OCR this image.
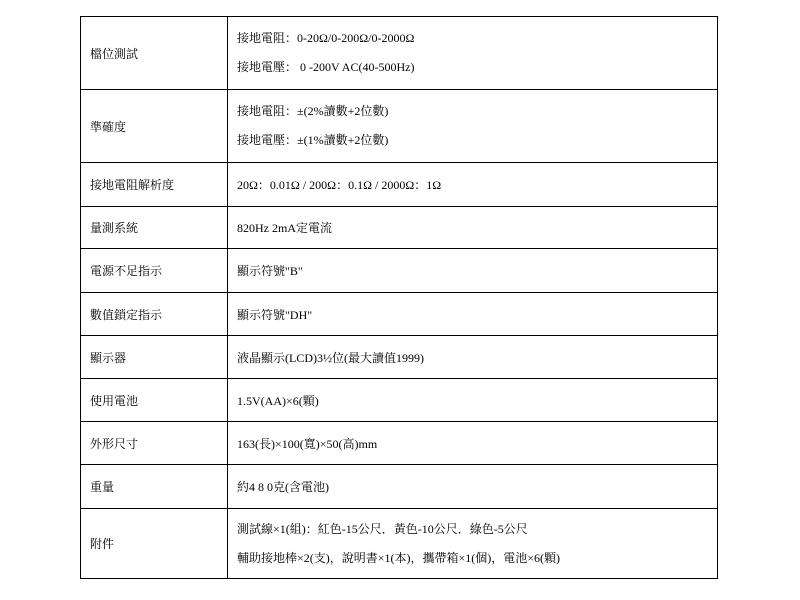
檔位測試	接地電阻：0-20Ω/0-200Ω/0-2000Ω
接地電壓： 0 -200V AC(40-500Hz)

準確度	接地電阻：±(2%讀數+2位數)
接地電壓：±(1%讀數+2位數)

接地電阻解析度	20Ω：0.01Ω / 200Ω：0.1Ω / 2000Ω：1Ω

量測系統	820Hz 2mA定電流

電源不足指示	顯示符號"B"

數值鎖定指示	顯示符號"DH"

顯示器	液晶顯示(LCD)3½位(最大讀值1999)

使用電池	1.5V(AA)×6(顆)

外形尺寸	163(長)×100(寬)×50(高)mm

重量	約4 8 0克(含電池)

附件	測試線×1(組)：紅色-15公尺．黃色-10公尺．綠色-5公尺
輔助接地棒×2(支)，說明書×1(本)，攜帶箱×1(個)，電池×6(顆)
